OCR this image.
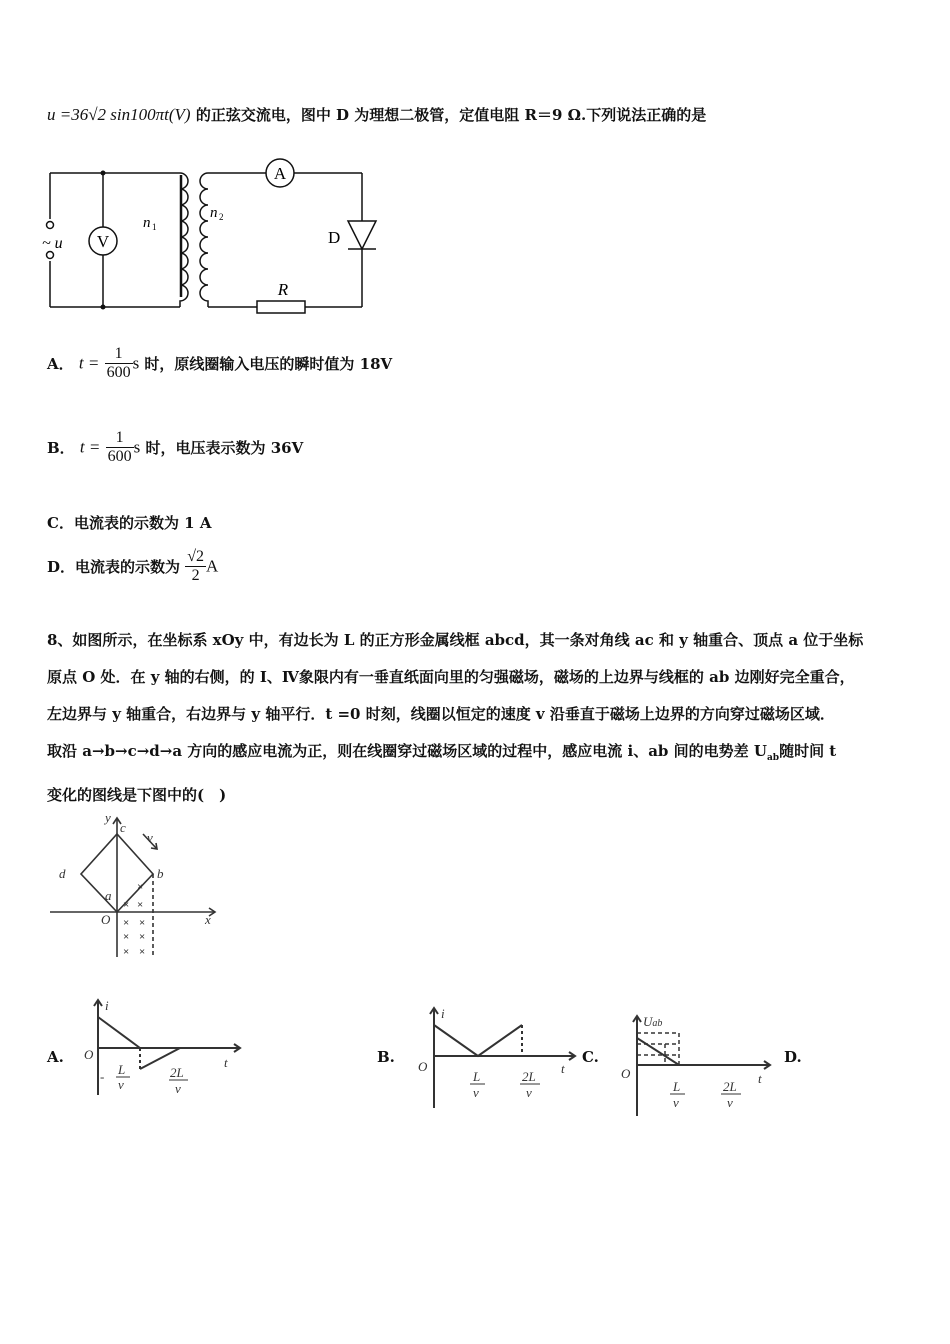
u =36√2 sin100πt(V) 的正弦交流电，图中 D 为理想二极管，定值电阻 R＝9 Ω.下列说法正确的是
A
V
~ u
n 1
n 2
D
R
A． $t = \frac{1}{600}$ s 时，原线圈输入电压的瞬时值为 18V
B． $t = \frac{1}{600}$ s 时，电压表示数为 36V
C．电流表的示数为 1 A
D．电流表的示数为 $\frac{√2}{2}$ A
8、如图所示，在坐标系 xOy 中，有边长为 L 的正方形金属线框 abcd，其一条对角线 ac 和 y 轴重合、顶点 a 位于坐标
原点 O 处．在 y 轴的右侧，的 Ⅰ、Ⅳ象限内有一垂直纸面向里的匀强磁场，磁场的上边界与线框的 ab 边刚好完全重合，
左边界与 y 轴重合，右边界与 y 轴平行．t =0 时刻，线圈以恒定的速度 v 沿垂直于磁场上边界的方向穿过磁场区域．
取沿 a→b→c→d→a 方向的感应电流为正，则在线圈穿过磁场区域的过程中，感应电流 i、ab 间的电势差 $U_{ab}$随时间 t
变化的图线是下图中的(　)
y
x
c
v
d	b
a
O
×
× ×
× ×
× ×
× ×
A.
i
O
t
- L
v
2L
v
B.
i
O	t
L
v
2L
v
C.
Uab
O	t
L
v
2L
v
D.
